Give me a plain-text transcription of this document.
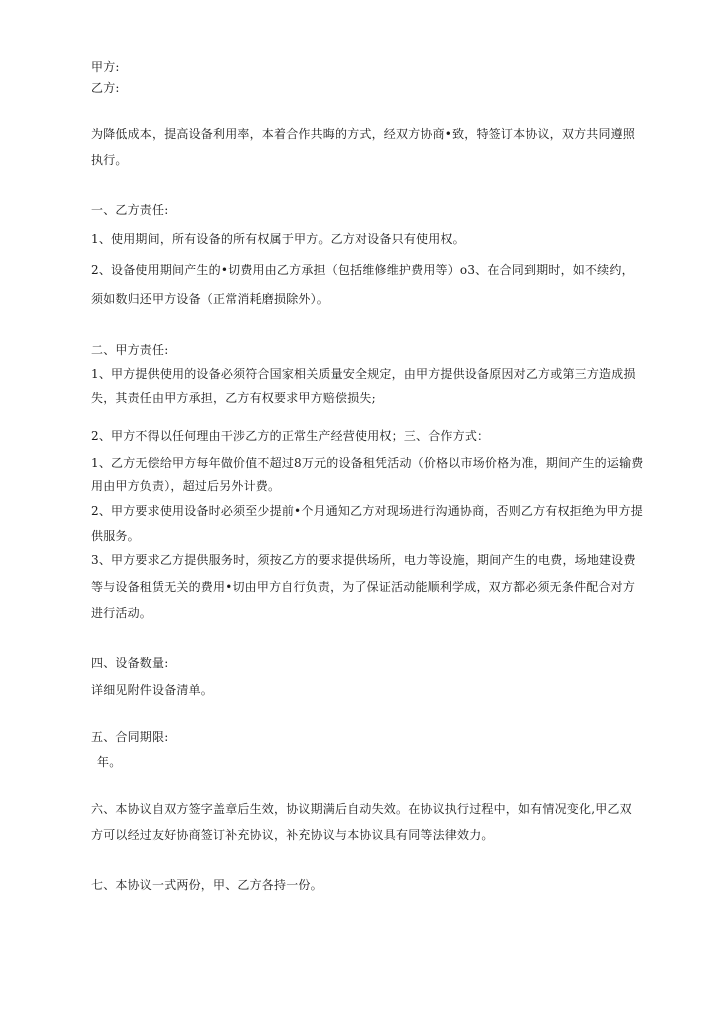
甲方:
乙方:
为降低成本，提高设备利用率，本着合作共晦的方式，经双方协商•致，特签订本协议，双方共同遵照
执行。
一、乙方责任:
1、使用期间，所有设备的所有权属于甲方。乙方对设备只有使用权。
2、设备使用期间产生的•切费用由乙方承担（包括维修维护费用等）o3、在合同到期时，如不续约，
须如数归还甲方设备（正常消耗磨损除外）。
二、甲方责任:
1、甲方提供使用的设备必须符合国家相关质量安全规定，由甲方提供设备原因对乙方或第三方造成损
失，其责任由甲方承担，乙方有权要求甲方赔偿损失;
2、甲方不得以任何理由干涉乙方的正常生产经营使用权；三、合作方式：
1、乙方无偿给甲方每年做价值不超过8万元的设备租凭活动（价格以市场价格为准，期间产生的运输费
用由甲方负责），超过后另外计费。
2、甲方要求使用设备时必须至少提前•个月通知乙方对现场进行沟通协商，否则乙方有权拒绝为甲方提
供服务。
3、甲方要求乙方提供服务时，须按乙方的要求提供场所，电力等设施，期间产生的电费，场地建设费
等与设备租赁无关的费用•切由甲方自行负责，为了保证活动能顺利学成，双方都必须无条件配合对方
进行活动。
四、设备数量:
详细见附件设备清单。
五、合同期限:
年。
六、本协议自双方签字盖章后生效，协议期满后自动失效。在协议执行过程中，如有情况变化,甲乙双
方可以经过友好协商签订补充协议，补充协议与本协议具有同等法律效力。
七、本协议一式两份，甲、乙方各持一份。
